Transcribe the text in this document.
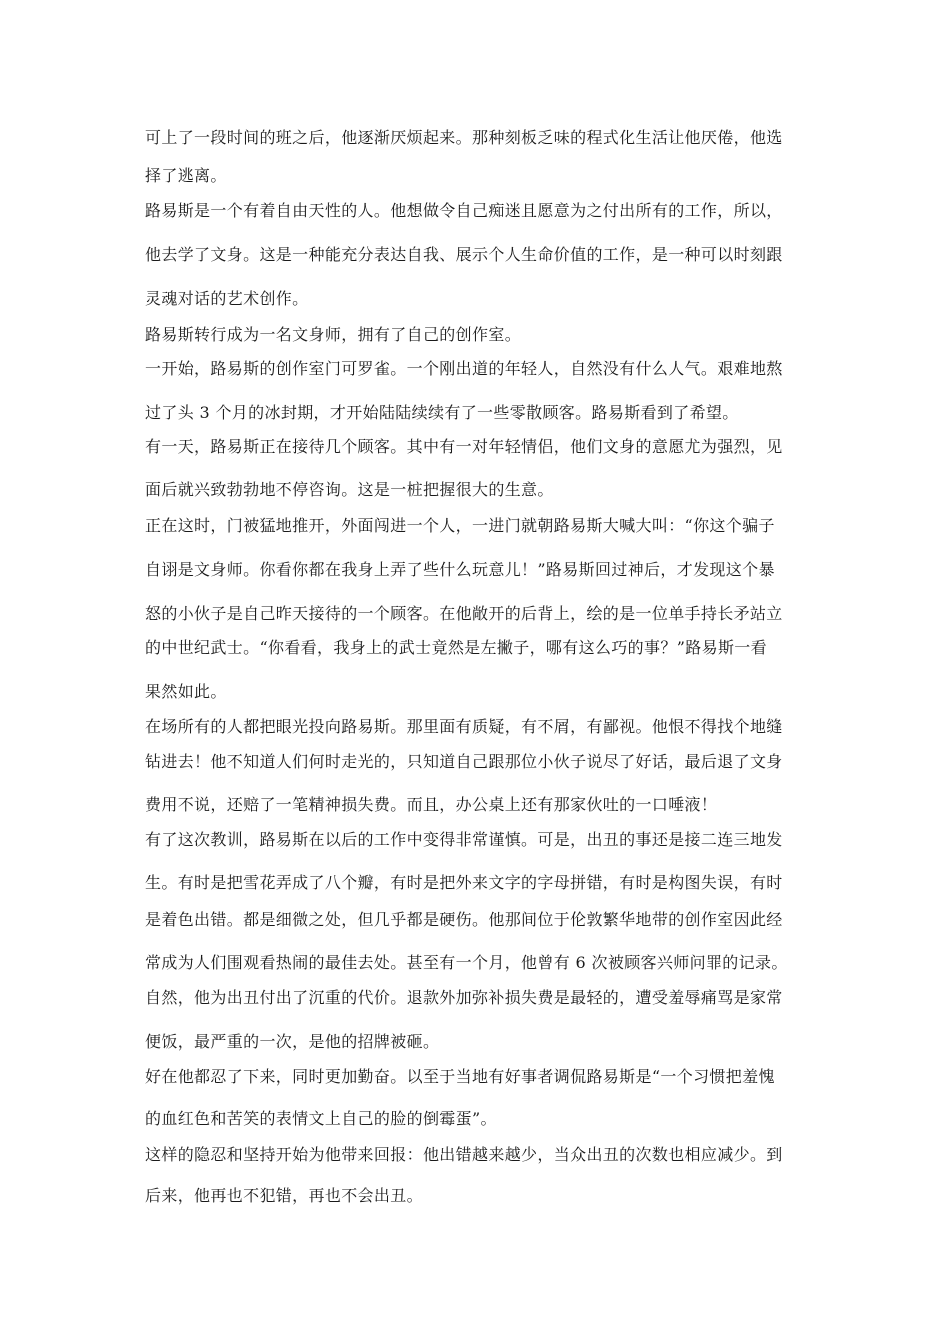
可上了一段时间的班之后，他逐渐厌烦起来。那种刻板乏味的程式化生活让他厌倦，他选
择了逃离。
路易斯是一个有着自由天性的人。他想做令自己痴迷且愿意为之付出所有的工作，所以，
他去学了文身。这是一种能充分表达自我、展示个人生命价值的工作，是一种可以时刻跟
灵魂对话的艺术创作。
路易斯转行成为一名文身师，拥有了自己的创作室。
一开始，路易斯的创作室门可罗雀。一个刚出道的年轻人，自然没有什么人气。艰难地熬
过了头 3 个月的冰封期，才开始陆陆续续有了一些零散顾客。路易斯看到了希望。
有一天，路易斯正在接待几个顾客。其中有一对年轻情侣，他们文身的意愿尤为强烈，见
面后就兴致勃勃地不停咨询。这是一桩把握很大的生意。
正在这时，门被猛地推开，外面闯进一个人，一进门就朝路易斯大喊大叫：“你这个骗子
自诩是文身师。你看你都在我身上弄了些什么玩意儿！”路易斯回过神后，才发现这个暴
怒的小伙子是自己昨天接待的一个顾客。在他敞开的后背上，绘的是一位单手持长矛站立
的中世纪武士。“你看看，我身上的武士竟然是左撇子，哪有这么巧的事？”路易斯一看
果然如此。
在场所有的人都把眼光投向路易斯。那里面有质疑，有不屑，有鄙视。他恨不得找个地缝
钻进去！他不知道人们何时走光的，只知道自己跟那位小伙子说尽了好话，最后退了文身
费用不说，还赔了一笔精神损失费。而且，办公桌上还有那家伙吐的一口唾液！
有了这次教训，路易斯在以后的工作中变得非常谨慎。可是，出丑的事还是接二连三地发
生。有时是把雪花弄成了八个瓣，有时是把外来文字的字母拼错，有时是构图失误，有时
是着色出错。都是细微之处，但几乎都是硬伤。他那间位于伦敦繁华地带的创作室因此经
常成为人们围观看热闹的最佳去处。甚至有一个月，他曾有 6 次被顾客兴师问罪的记录。
自然，他为出丑付出了沉重的代价。退款外加弥补损失费是最轻的，遭受羞辱痛骂是家常
便饭，最严重的一次，是他的招牌被砸。
好在他都忍了下来，同时更加勤奋。以至于当地有好事者调侃路易斯是“一个习惯把羞愧
的血红色和苦笑的表情文上自己的脸的倒霉蛋”。
这样的隐忍和坚持开始为他带来回报：他出错越来越少，当众出丑的次数也相应减少。到
后来，他再也不犯错，再也不会出丑。
